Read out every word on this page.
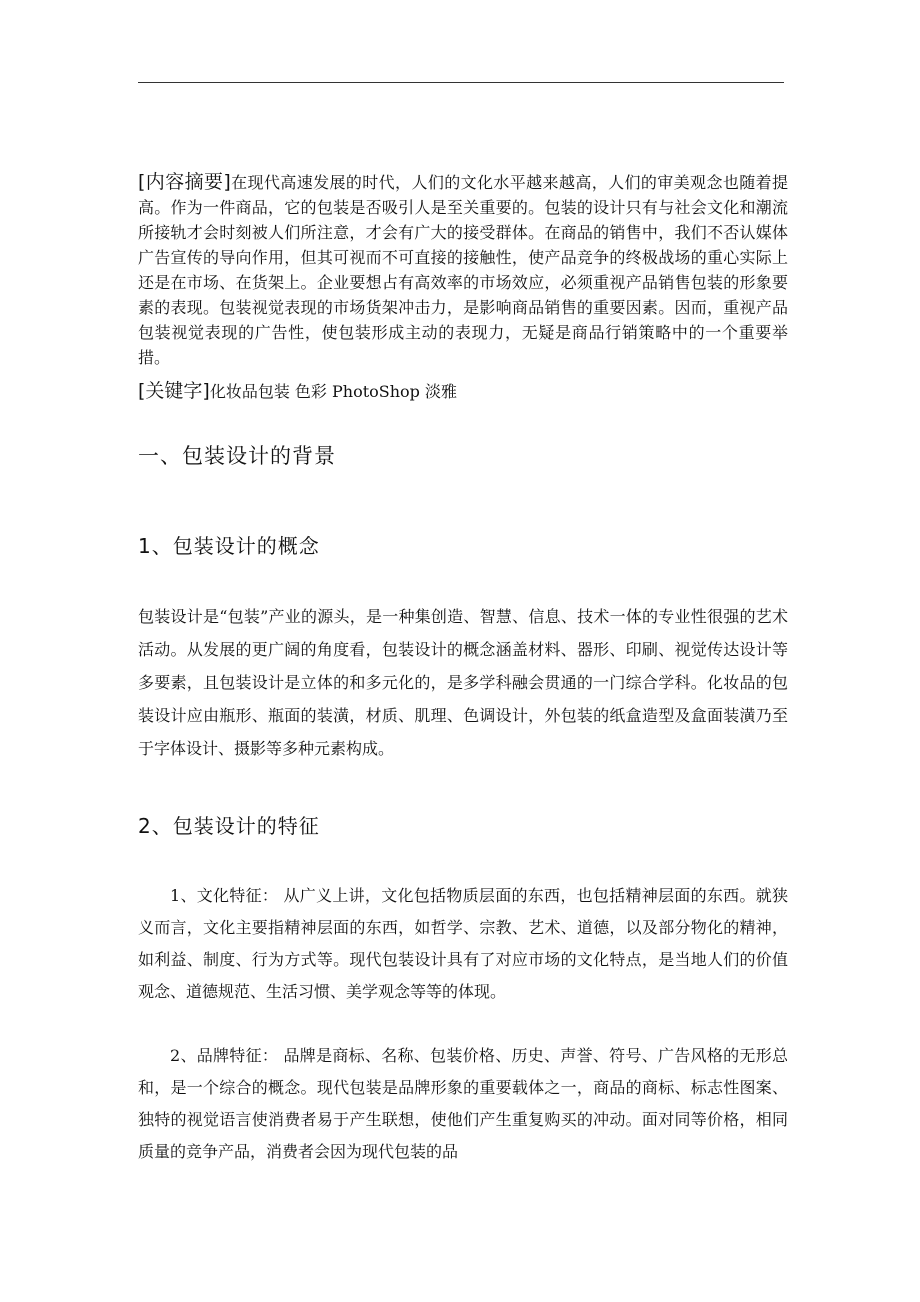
[内容摘要]在现代高速发展的时代，人们的文化水平越来越高，人们的审美观念也随着提高。作为一件商品，它的包装是否吸引人是至关重要的。包装的设计只有与社会文化和潮流所接轨才会时刻被人们所注意，才会有广大的接受群体。在商品的销售中，我们不否认媒体广告宣传的导向作用，但其可视而不可直接的接触性，使产品竞争的终极战场的重心实际上还是在市场、在货架上。企业要想占有高效率的市场效应，必须重视产品销售包装的形象要素的表现。包装视觉表现的市场货架冲击力，是影响商品销售的重要因素。因而，重视产品包装视觉表现的广告性，使包装形成主动的表现力，无疑是商品行销策略中的一个重要举措。
[关键字]化妆品包装 色彩 PhotoShop 淡雅
一、包装设计的背景
1、包装设计的概念
包装设计是“包装”产业的源头，是一种集创造、智慧、信息、技术一体的专业性很强的艺术活动。从发展的更广阔的角度看，包装设计的概念涵盖材料、器形、印刷、视觉传达设计等多要素，且包装设计是立体的和多元化的，是多学科融会贯通的一门综合学科。化妆品的包装设计应由瓶形、瓶面的装潢，材质、肌理、色调设计，外包装的纸盒造型及盒面装潢乃至于字体设计、摄影等多种元素构成。
2、包装设计的特征
1、文化特征： 从广义上讲，文化包括物质层面的东西，也包括精神层面的东西。就狭义而言，文化主要指精神层面的东西，如哲学、宗教、艺术、道德，以及部分物化的精神，如利益、制度、行为方式等。现代包装设计具有了对应市场的文化特点，是当地人们的价值观念、道德规范、生活习惯、美学观念等等的体现。
2、品牌特征： 品牌是商标、名称、包装价格、历史、声誉、符号、广告风格的无形总和，是一个综合的概念。现代包装是品牌形象的重要载体之一，商品的商标、标志性图案、独特的视觉语言使消费者易于产生联想，使他们产生重复购买的冲动。面对同等价格，相同质量的竞争产品，消费者会因为现代包装的品
